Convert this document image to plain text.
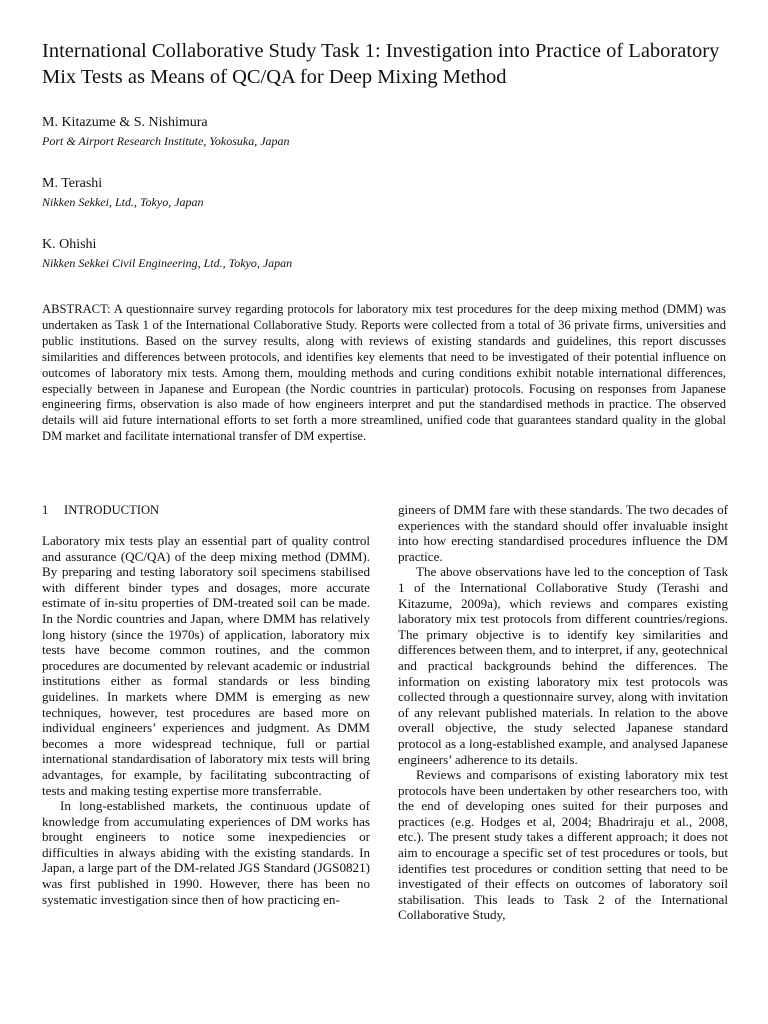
International Collaborative Study Task 1: Investigation into Practice of Laboratory Mix Tests as Means of QC/QA for Deep Mixing Method
M. Kitazume & S. Nishimura
Port & Airport Research Institute, Yokosuka, Japan
M. Terashi
Nikken Sekkei, Ltd., Tokyo, Japan
K. Ohishi
Nikken Sekkei Civil Engineering, Ltd., Tokyo, Japan

ABSTRACT: A questionnaire survey regarding protocols for laboratory mix test procedures for the deep mixing method (DMM) was undertaken as Task 1 of the International Collaborative Study. Reports were collected from a total of 36 private firms, universities and public institutions. Based on the survey results, along with reviews of existing standards and guidelines, this report discusses similarities and differences between protocols, and identifies key elements that need to be investigated of their potential influence on outcomes of laboratory mix tests. Among them, moulding methods and curing conditions exhibit notable international differences, especially between in Japanese and European (the Nordic countries in particular) protocols. Focusing on responses from Japanese engineering firms, observation is also made of how engineers interpret and put the standardised methods in practice. The observed details will aid future international efforts to set forth a more streamlined, unified code that guarantees standard quality in the global DM market and facilitate international transfer of DM expertise.

1 INTRODUCTION

Laboratory mix tests play an essential part of quality control and assurance (QC/QA) of the deep mixing method (DMM). By preparing and testing laboratory soil specimens stabilised with different binder types and dosages, more accurate estimate of in-situ properties of DM-treated soil can be made. In the Nordic countries and Japan, where DMM has relatively long history (since the 1970s) of application, laboratory mix tests have become common routines, and the common procedures are documented by relevant academic or industrial institutions either as formal standards or less binding guidelines. In markets where DMM is emerging as new techniques, however, test procedures are based more on individual engineers’ experiences and judgment. As DMM becomes a more widespread technique, full or partial international standardisation of laboratory mix tests will bring advantages, for example, by facilitating subcontracting of tests and making testing expertise more transferrable.

In long-established markets, the continuous update of knowledge from accumulating experiences of DM works has brought engineers to notice some inexpediencies or difficulties in always abiding with the existing standards. In Japan, a large part of the DM-related JGS Standard (JGS0821) was first published in 1990. However, there has been no systematic investigation since then of how practicing en-

gineers of DMM fare with these standards. The two decades of experiences with the standard should offer invaluable insight into how erecting standardised procedures influence the DM practice.

The above observations have led to the conception of Task 1 of the International Collaborative Study (Terashi and Kitazume, 2009a), which reviews and compares existing laboratory mix test protocols from different countries/regions. The primary objective is to identify key similarities and differences between them, and to interpret, if any, geotechnical and practical backgrounds behind the differences. The information on existing laboratory mix test protocols was collected through a questionnaire survey, along with invitation of any relevant published materials. In relation to the above overall objective, the study selected Japanese standard protocol as a long-established example, and analysed Japanese engineers’ adherence to its details.

Reviews and comparisons of existing laboratory mix test protocols have been undertaken by other researchers too, with the end of developing ones suited for their purposes and practices (e.g. Hodges et al, 2004; Bhadriraju et al., 2008, etc.). The present study takes a different approach; it does not aim to encourage a specific set of test procedures or tools, but identifies test procedures or condition setting that need to be investigated of their effects on outcomes of laboratory soil stabilisation. This leads to Task 2 of the International Collaborative Study,
